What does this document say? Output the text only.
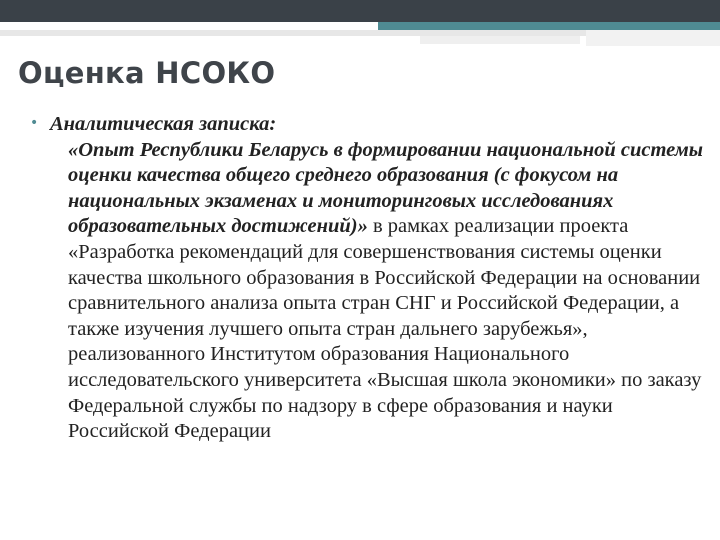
Оценка НСОКО
• Аналитическая записка:
«Опыт Республики Беларусь в формировании национальной системы оценки качества общего среднего образования (с фокусом на национальных экзаменах и мониторинговых исследованиях образовательных достижений)» в рамках реализации проекта «Разработка рекомендаций для совершенствования системы оценки качества школьного образования в Российской Федерации на основании сравнительного анализа опыта стран СНГ и Российской Федерации, а также изучения лучшего опыта стран дальнего зарубежья», реализованного Институтом образования Национального исследовательского университета «Высшая школа экономики» по заказу Федеральной службы по надзору в сфере образования и науки Российской Федерации
